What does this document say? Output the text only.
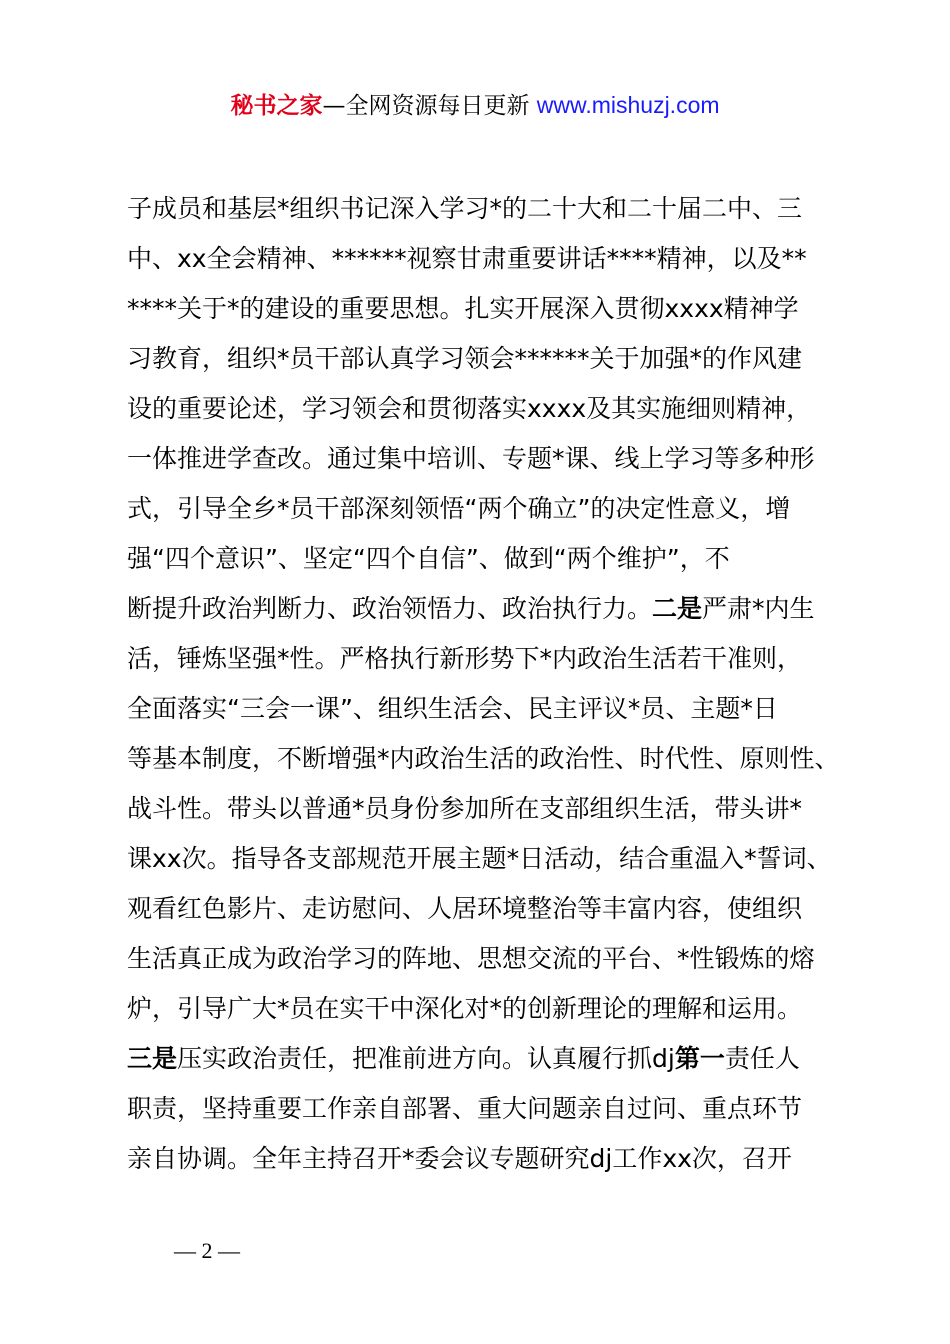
秘书之家—全网资源每日更新 www.mishuzj.com
子成员和基层*组织书记深入学习*的二十大和二十届二中、三
中、xx全会精神、******视察甘肃重要讲话****精神，以及**
****关于*的建设的重要思想。扎实开展深入贯彻xxxx精神学
习教育，组织*员干部认真学习领会******关于加强*的作风建
设的重要论述，学习领会和贯彻落实xxxx及其实施细则精神，
一体推进学查改。通过集中培训、专题*课、线上学习等多种形
式，引导全乡*员干部深刻领悟“两个确立”的决定性意义，增
强“四个意识”、坚定“四个自信”、做到“两个维护”，不
断提升政治判断力、政治领悟力、政治执行力。二是严肃*内生
活，锤炼坚强*性。严格执行新形势下*内政治生活若干准则，
全面落实“三会一课”、组织生活会、民主评议*员、主题*日
等基本制度，不断增强*内政治生活的政治性、时代性、原则性、
战斗性。带头以普通*员身份参加所在支部组织生活，带头讲*
课xx次。指导各支部规范开展主题*日活动，结合重温入*誓词、
观看红色影片、走访慰问、人居环境整治等丰富内容，使组织
生活真正成为政治学习的阵地、思想交流的平台、*性锻炼的熔
炉，引导广大*员在实干中深化对*的创新理论的理解和运用。
三是压实政治责任，把准前进方向。认真履行抓dj第一责任人
职责，坚持重要工作亲自部署、重大问题亲自过问、重点环节
亲自协调。全年主持召开*委会议专题研究dj工作xx次，召开
— 2 —
